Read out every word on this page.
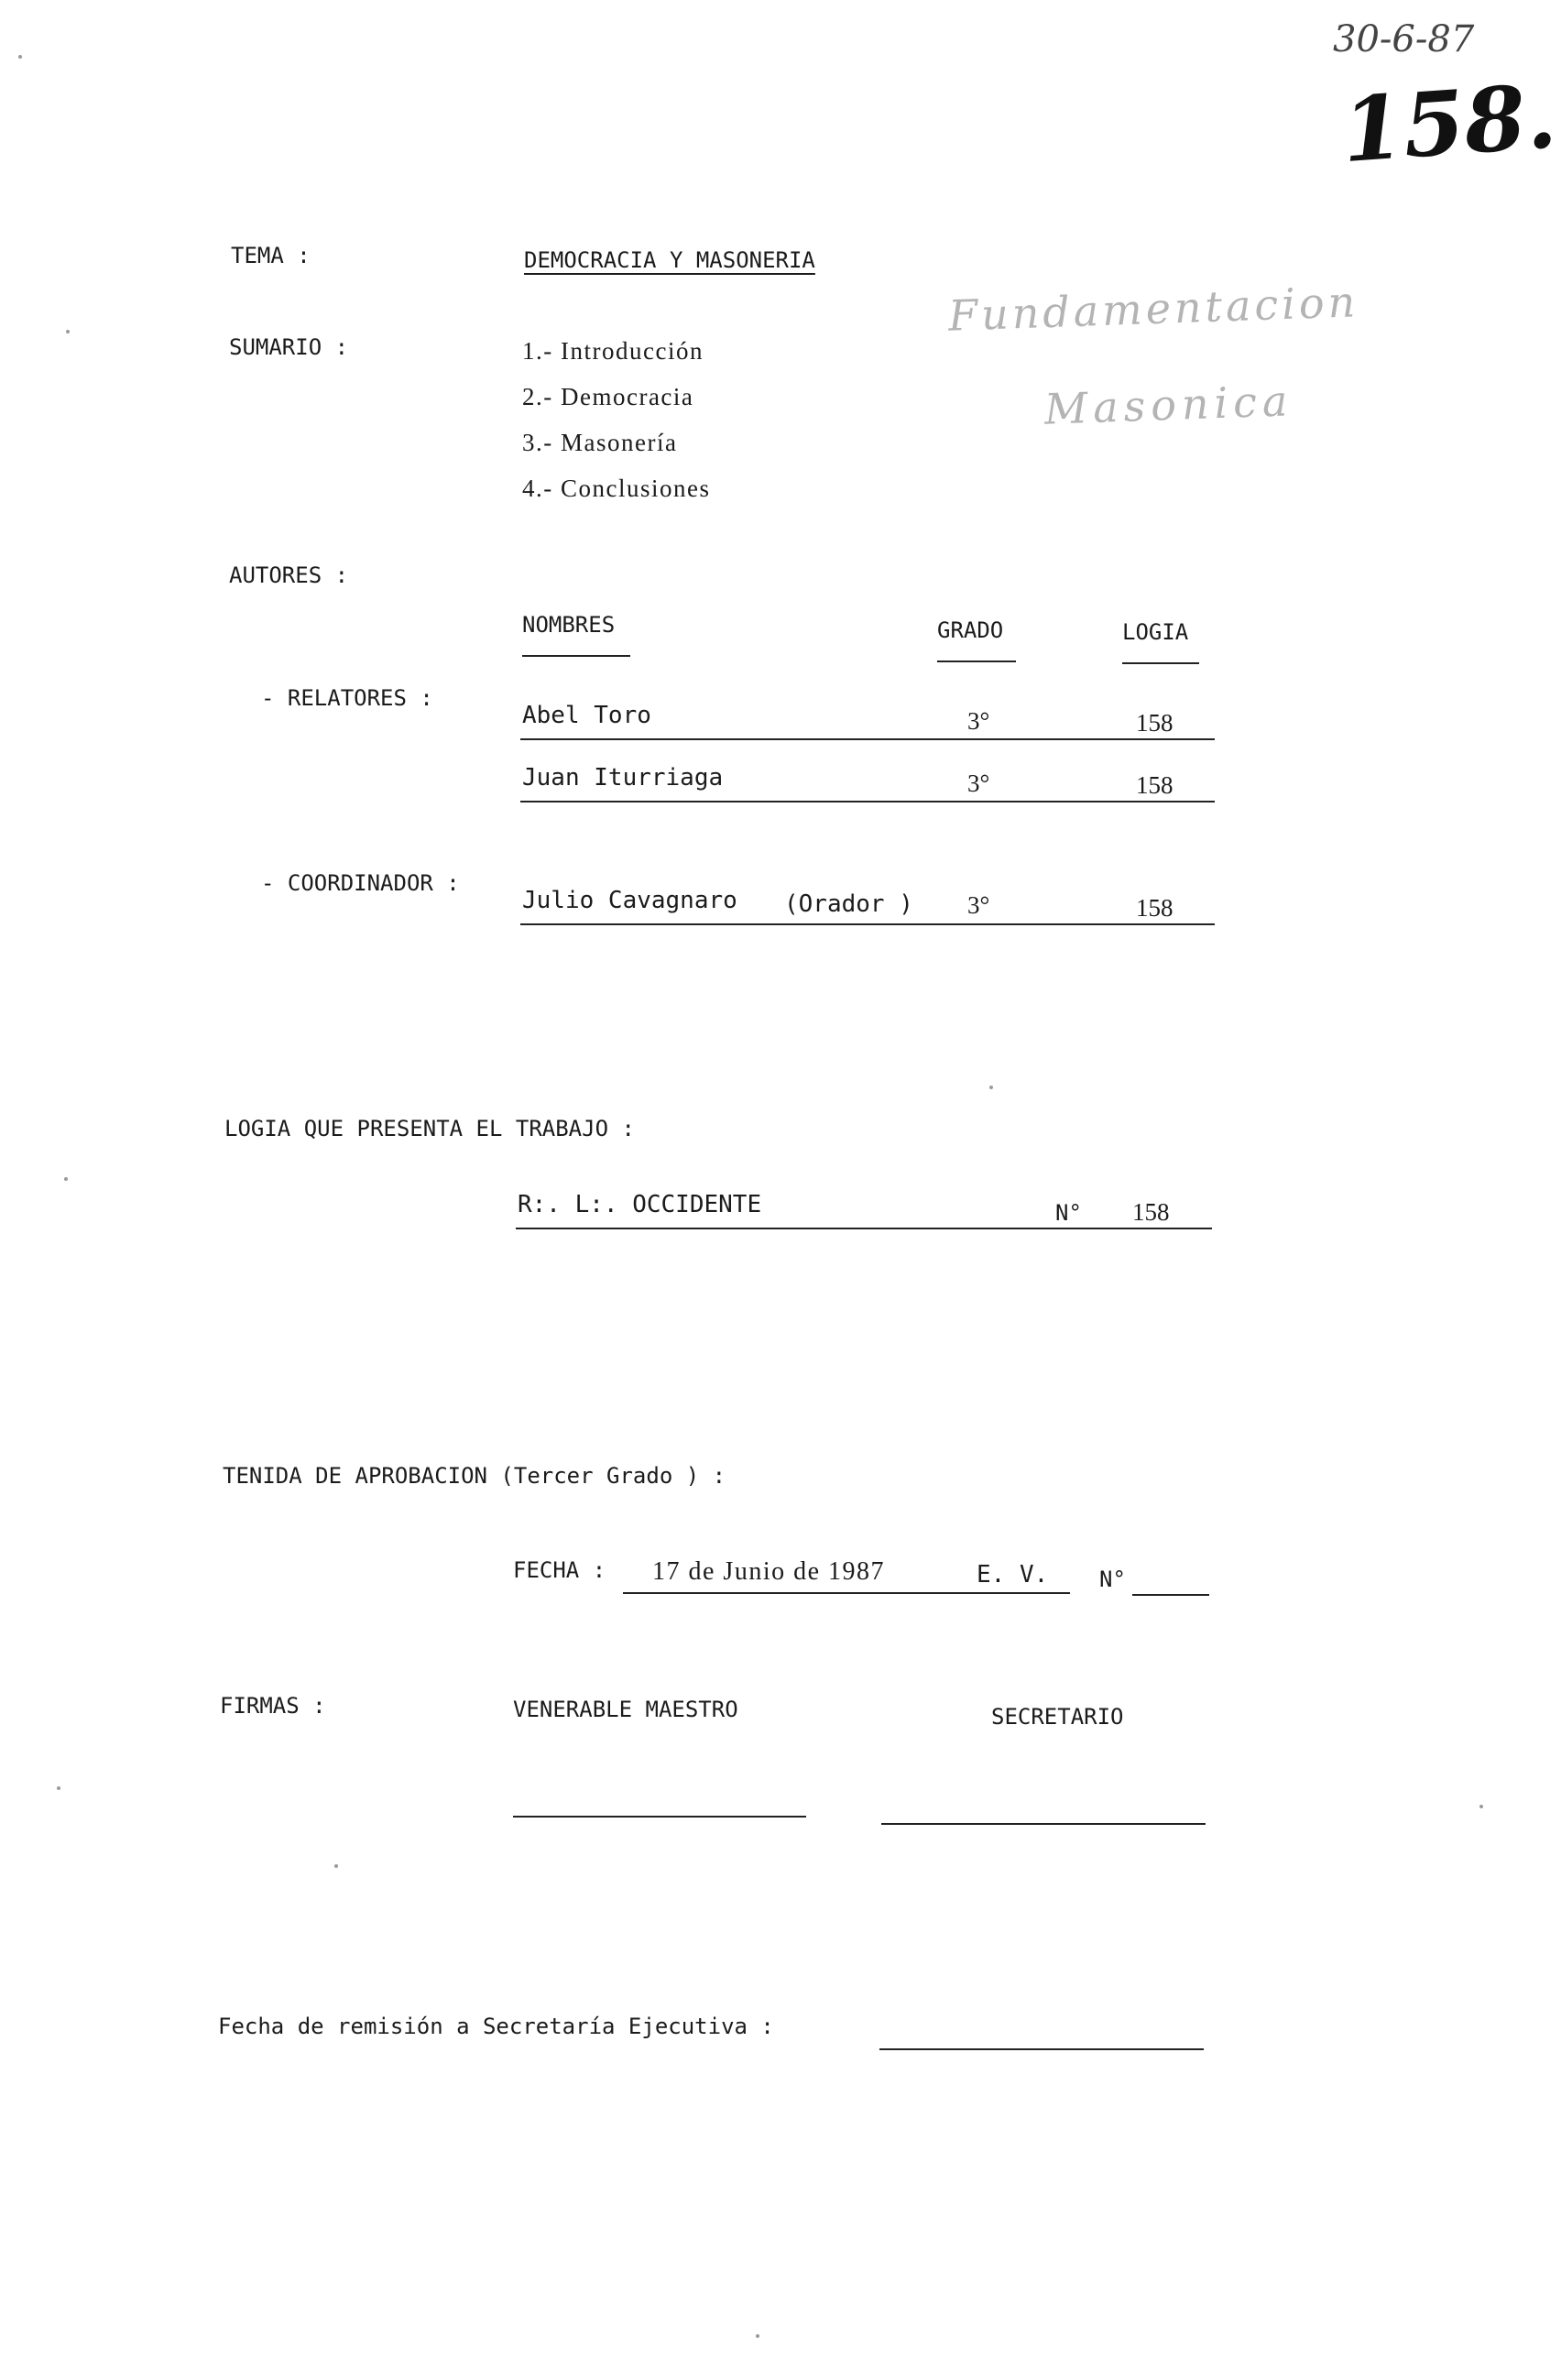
30-6-87
158.
Fundamentacion
Masonica
TEMA :	DEMOCRACIA Y MASONERIA
SUMARIO :	1.- Introducción
2.- Democracia
3.- Masonería
4.- Conclusiones
AUTORES :
NOMBRES	GRADO	LOGIA
- RELATORES :
Abel Toro	3°	158
Juan Iturriaga	3°	158
- COORDINADOR :
Julio Cavagnaro (Orador ) 3°	158
LOGIA QUE PRESENTA EL TRABAJO :
R:. L:. OCCIDENTE	N° 158
TENIDA DE APROBACION (Tercer Grado ) :
FECHA : 17 de Junio de 1987	E. V. N°
FIRMAS :	VENERABLE MAESTRO	SECRETARIO
Fecha de remisión a Secretaría Ejecutiva :
